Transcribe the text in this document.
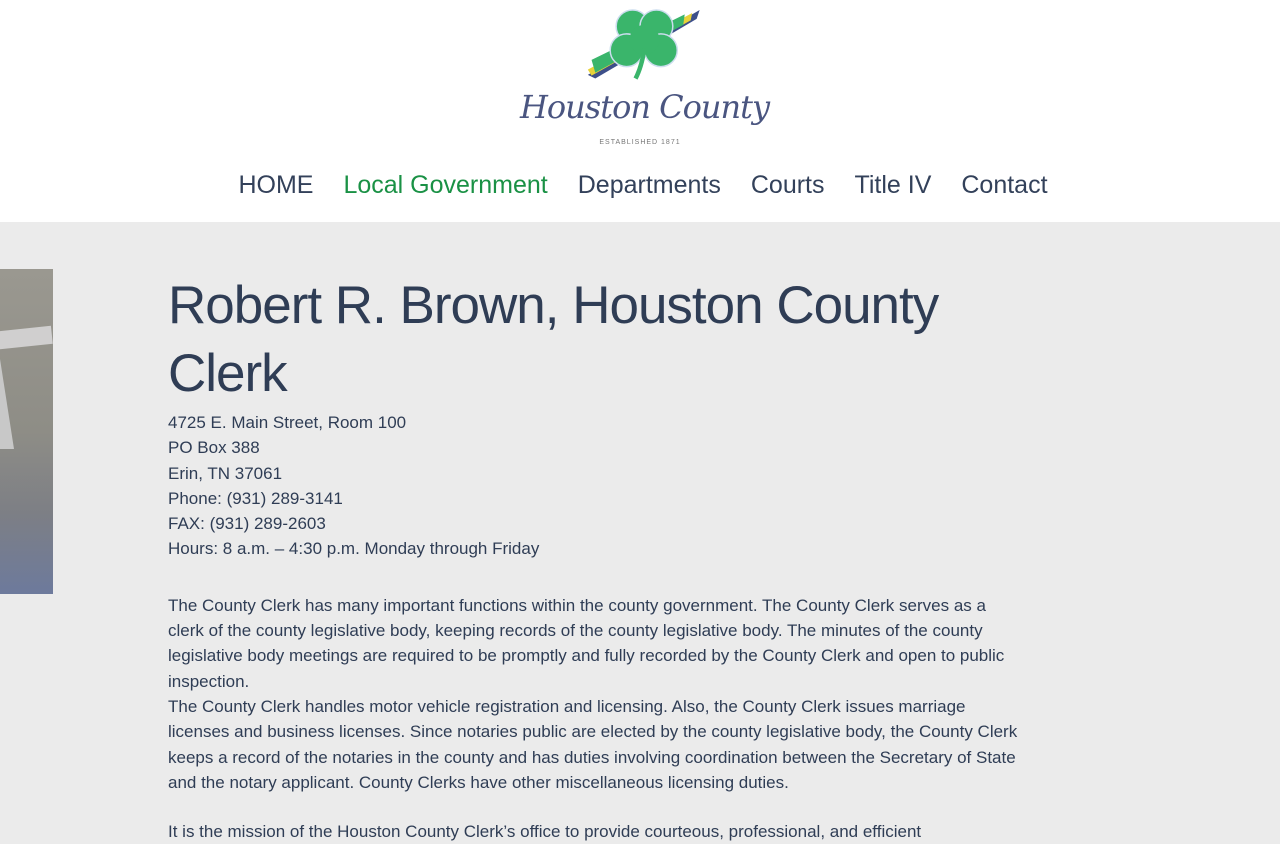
Houston County
ESTABLISHED 1871
HOME Local Government Departments Courts Title IV Contact
Robert R. Brown, Houston County Clerk
4725 E. Main Street, Room 100
PO Box 388
Erin, TN 37061
Phone: (931) 289-3141
FAX: (931) 289-2603
Hours: 8 a.m. – 4:30 p.m. Monday through Friday

The County Clerk has many important functions within the county government. The County Clerk serves as a clerk of the county legislative body, keeping records of the county legislative body. The minutes of the county legislative body meetings are required to be promptly and fully recorded by the County Clerk and open to public inspection.

The County Clerk handles motor vehicle registration and licensing. Also, the County Clerk issues marriage licenses and business licenses. Since notaries public are elected by the county legislative body, the County Clerk keeps a record of the notaries in the county and has duties involving coordination between the Secretary of State and the notary applicant. County Clerks have other miscellaneous licensing duties.

It is the mission of the Houston County Clerk’s office to provide courteous, professional, and efficient
